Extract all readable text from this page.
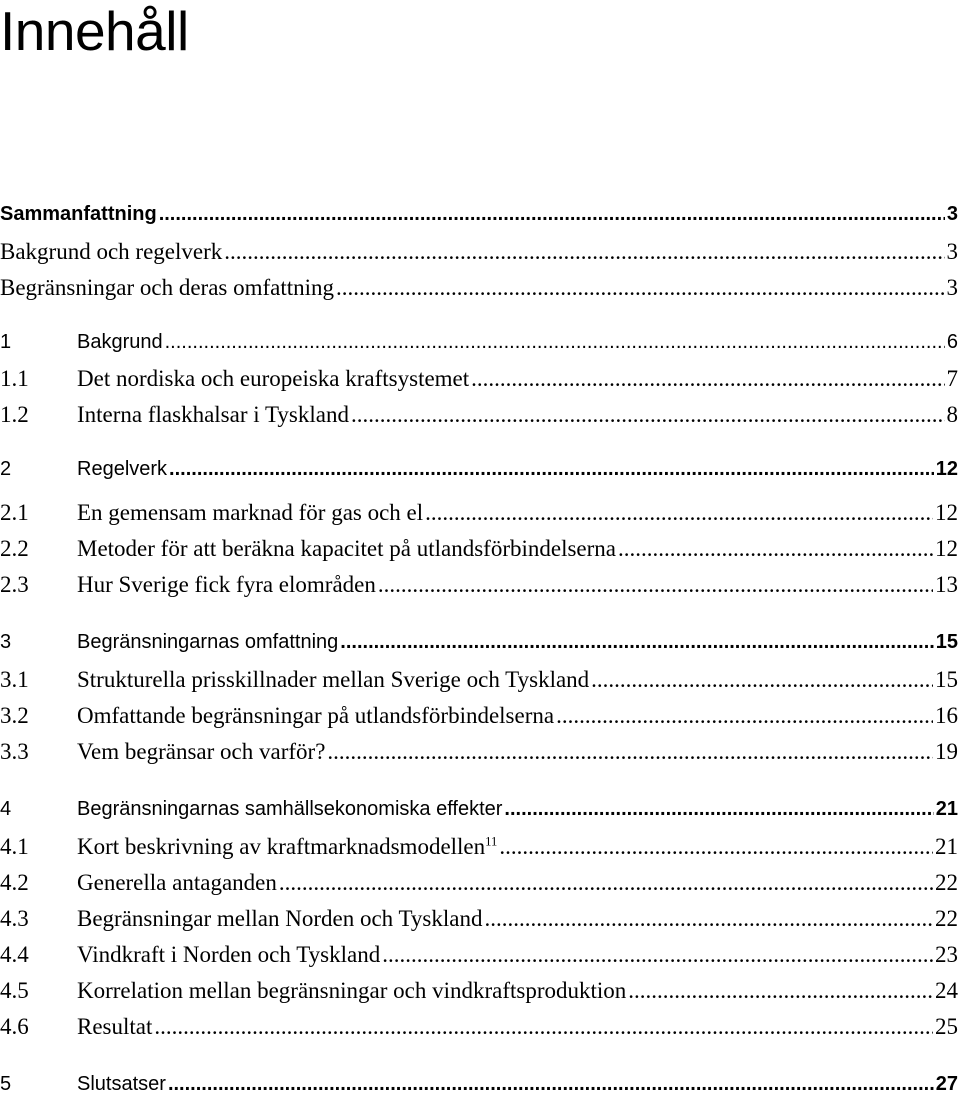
Innehåll
Sammanfattning .....	3
Bakgrund och regelverk .....	3
Begränsningar och deras omfattning .....	3
1	Bakgrund .....	6
1.1	Det nordiska och europeiska kraftsystemet .....	7
1.2	Interna flaskhalsar i Tyskland .....	8
2	Regelverk .....	12
2.1	En gemensam marknad för gas och el .....	12
2.2	Metoder för att beräkna kapacitet på utlandsförbindelserna .....	12
2.3	Hur Sverige fick fyra elområden .....	13
3	Begränsningarnas omfattning .....	15
3.1	Strukturella prisskillnader mellan Sverige och Tyskland .....	15
3.2	Omfattande begränsningar på utlandsförbindelserna .....	16
3.3	Vem begränsar och varför? .....	19
4	Begränsningarnas samhällsekonomiska effekter .....	21
4.1	Kort beskrivning av kraftmarknadsmodellen$^{11}$ .....	21
4.2	Generella antaganden .....	22
4.3	Begränsningar mellan Norden och Tyskland .....	22
4.4	Vindkraft i Norden och Tyskland .....	23
4.5	Korrelation mellan begränsningar och vindkraftsproduktion .....	24
4.6	Resultat .....	25
5	Slutsatser .....	27
